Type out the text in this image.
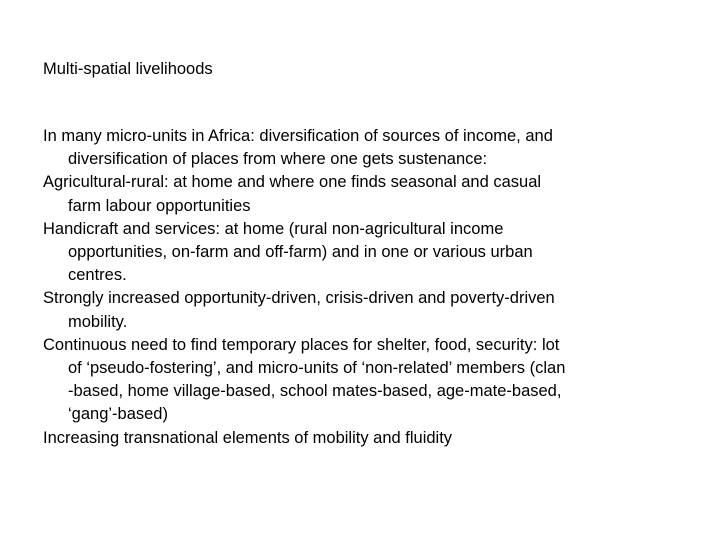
Multi-spatial livelihoods
In many micro-units in Africa: diversification of sources of income, and
diversification of places from where one gets sustenance:
Agricultural-rural: at home and where one finds seasonal and casual
farm labour opportunities
Handicraft and services: at home (rural non-agricultural income
opportunities, on-farm and off-farm) and in one or various urban
centres.
Strongly increased opportunity-driven, crisis-driven and poverty-driven
mobility.
Continuous need to find temporary places for shelter, food, security: lot
of ‘pseudo-fostering’, and micro-units of ‘non-related’ members (clan
-based, home village-based, school mates-based, age-mate-based,
‘gang’-based)
Increasing transnational elements of mobility and fluidity
